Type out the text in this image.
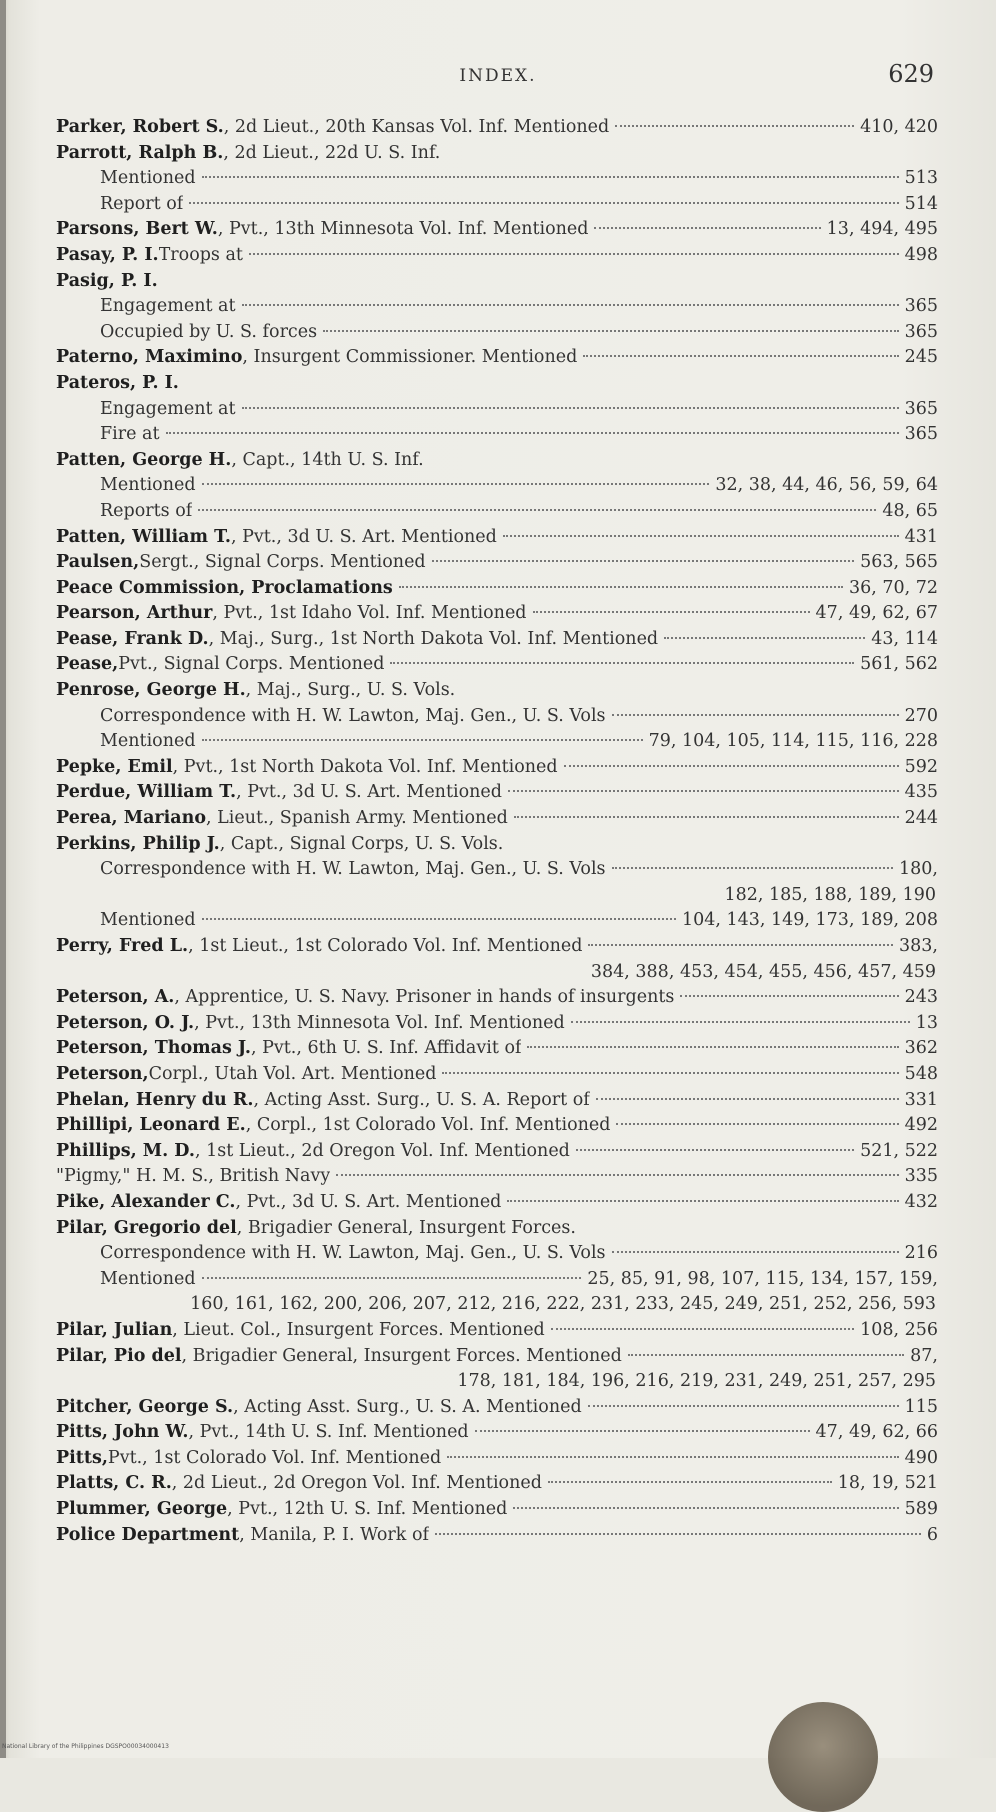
INDEX.	629
Parker, Robert S. , 2d Lieut., 20th Kansas Vol. Inf. Mentioned	410, 420
Parrott, Ralph B. , 2d Lieut., 22d U. S. Inf.
Mentioned	513
Report of	514
Parsons, Bert W. , Pvt., 13th Minnesota Vol. Inf. Mentioned	13, 494, 495
Pasay, P. I. Troops at	498
Pasig, P. I.
Engagement at	365
Occupied by U. S. forces	365
Paterno, Maximino , Insurgent Commissioner. Mentioned	245
Pateros, P. I.
Engagement at	365
Fire at	365
Patten, George H. , Capt., 14th U. S. Inf.
Mentioned	32, 38, 44, 46, 56, 59, 64
Reports of	48, 65
Patten, William T. , Pvt., 3d U. S. Art. Mentioned	431
Paulsen, Sergt., Signal Corps. Mentioned	563, 565
Peace Commission, Proclamations	36, 70, 72
Pearson, Arthur , Pvt., 1st Idaho Vol. Inf. Mentioned	47, 49, 62, 67
Pease, Frank D. , Maj., Surg., 1st North Dakota Vol. Inf. Mentioned	43, 114
Pease, Pvt., Signal Corps. Mentioned	561, 562
Penrose, George H. , Maj., Surg., U. S. Vols.
Correspondence with H. W. Lawton, Maj. Gen., U. S. Vols	270
Mentioned	79, 104, 105, 114, 115, 116, 228
Pepke, Emil , Pvt., 1st North Dakota Vol. Inf. Mentioned	592
Perdue, William T. , Pvt., 3d U. S. Art. Mentioned	435
Perea, Mariano , Lieut., Spanish Army. Mentioned	244
Perkins, Philip J. , Capt., Signal Corps, U. S. Vols.
Correspondence with H. W. Lawton, Maj. Gen., U. S. Vols	180,
182, 185, 188, 189, 190
Mentioned	104, 143, 149, 173, 189, 208
Perry, Fred L. , 1st Lieut., 1st Colorado Vol. Inf. Mentioned	383,
384, 388, 453, 454, 455, 456, 457, 459
Peterson, A. , Apprentice, U. S. Navy. Prisoner in hands of insurgents	243
Peterson, O. J. , Pvt., 13th Minnesota Vol. Inf. Mentioned	13
Peterson, Thomas J. , Pvt., 6th U. S. Inf. Affidavit of	362
Peterson, Corpl., Utah Vol. Art. Mentioned	548
Phelan, Henry du R. , Acting Asst. Surg., U. S. A. Report of	331
Phillipi, Leonard E. , Corpl., 1st Colorado Vol. Inf. Mentioned	492
Phillips, M. D. , 1st Lieut., 2d Oregon Vol. Inf. Mentioned	521, 522
"Pigmy," H. M. S., British Navy	335
Pike, Alexander C. , Pvt., 3d U. S. Art. Mentioned	432
Pilar, Gregorio del , Brigadier General, Insurgent Forces.
Correspondence with H. W. Lawton, Maj. Gen., U. S. Vols	216
Mentioned	25, 85, 91, 98, 107, 115, 134, 157, 159,
160, 161, 162, 200, 206, 207, 212, 216, 222, 231, 233, 245, 249, 251, 252, 256, 593
Pilar, Julian , Lieut. Col., Insurgent Forces. Mentioned	108, 256
Pilar, Pio del , Brigadier General, Insurgent Forces. Mentioned	87,
178, 181, 184, 196, 216, 219, 231, 249, 251, 257, 295
Pitcher, George S. , Acting Asst. Surg., U. S. A. Mentioned	115
Pitts, John W. , Pvt., 14th U. S. Inf. Mentioned	47, 49, 62, 66
Pitts, Pvt., 1st Colorado Vol. Inf. Mentioned	490
Platts, C. R. , 2d Lieut., 2d Oregon Vol. Inf. Mentioned	18, 19, 521
Plummer, George , Pvt., 12th U. S. Inf. Mentioned	589
Police Department , Manila, P. I. Work of	6
National Library of the Philippines DGSPO00034000413
